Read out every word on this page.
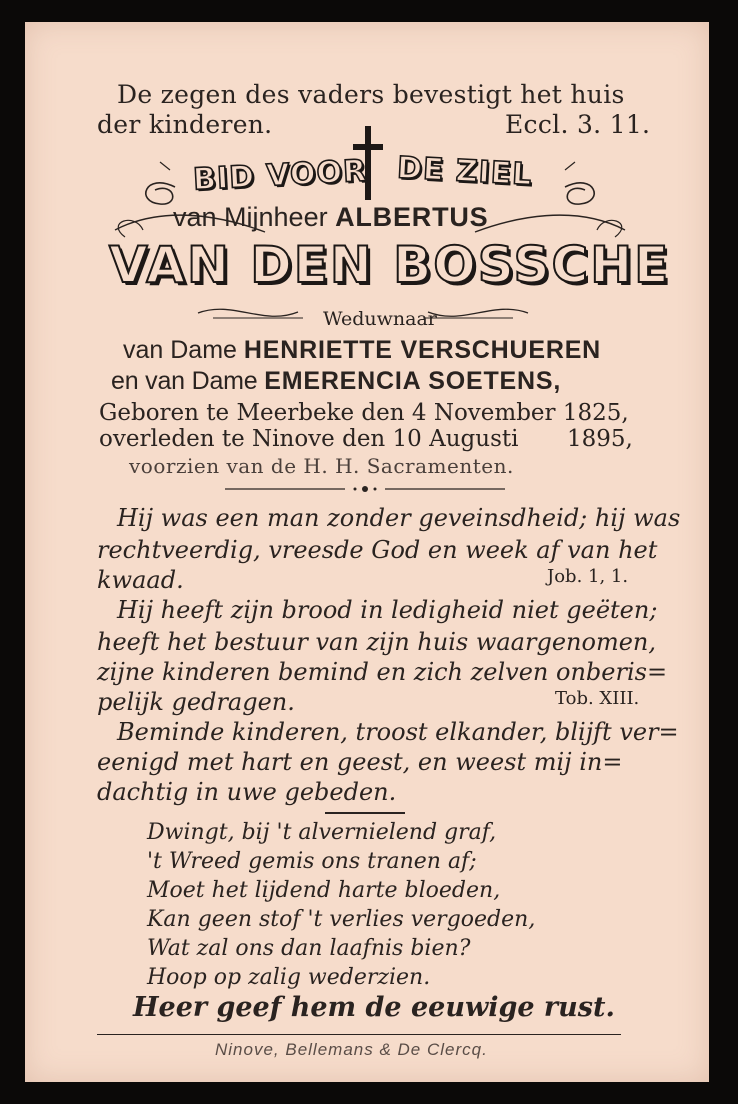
De zegen des vaders bevestigt het huis
der kinderen.	Eccl. 3. 11.
BID VOOR DE ZIEL
van Mijnheer ALBERTUS
VAN DEN BOSSCHE
Weduwnaar
van Dame HENRIETTE VERSCHUEREN
en van Dame EMERENCIA SOETENS,
Geboren te Meerbeke den 4 November 1825,
overleden te Ninove den 10 Augusti 1895,
voorzien van de H. H. Sacramenten.
Hij was een man zonder geveinsdheid; hij was
rechtveerdig, vreesde God en week af van het
kwaad.	Job. 1, 1.
Hij heeft zijn brood in ledigheid niet geëten;
heeft het bestuur van zijn huis waargenomen,
zijne kinderen bemind en zich zelven onberis=
pelijk gedragen.	Tob. XIII.
Beminde kinderen, troost elkander, blijft ver=
eenigd met hart en geest, en weest mij in=
dachtig in uwe gebeden.
Dwingt, bij 't alvernielend graf,
't Wreed gemis ons tranen af;
Moet het lijdend harte bloeden,
Kan geen stof 't verlies vergoeden,
Wat zal ons dan laafnis bien?
Hoop op zalig wederzien.
Heer geef hem de eeuwige rust.
Ninove, Bellemans & De Clercq.
